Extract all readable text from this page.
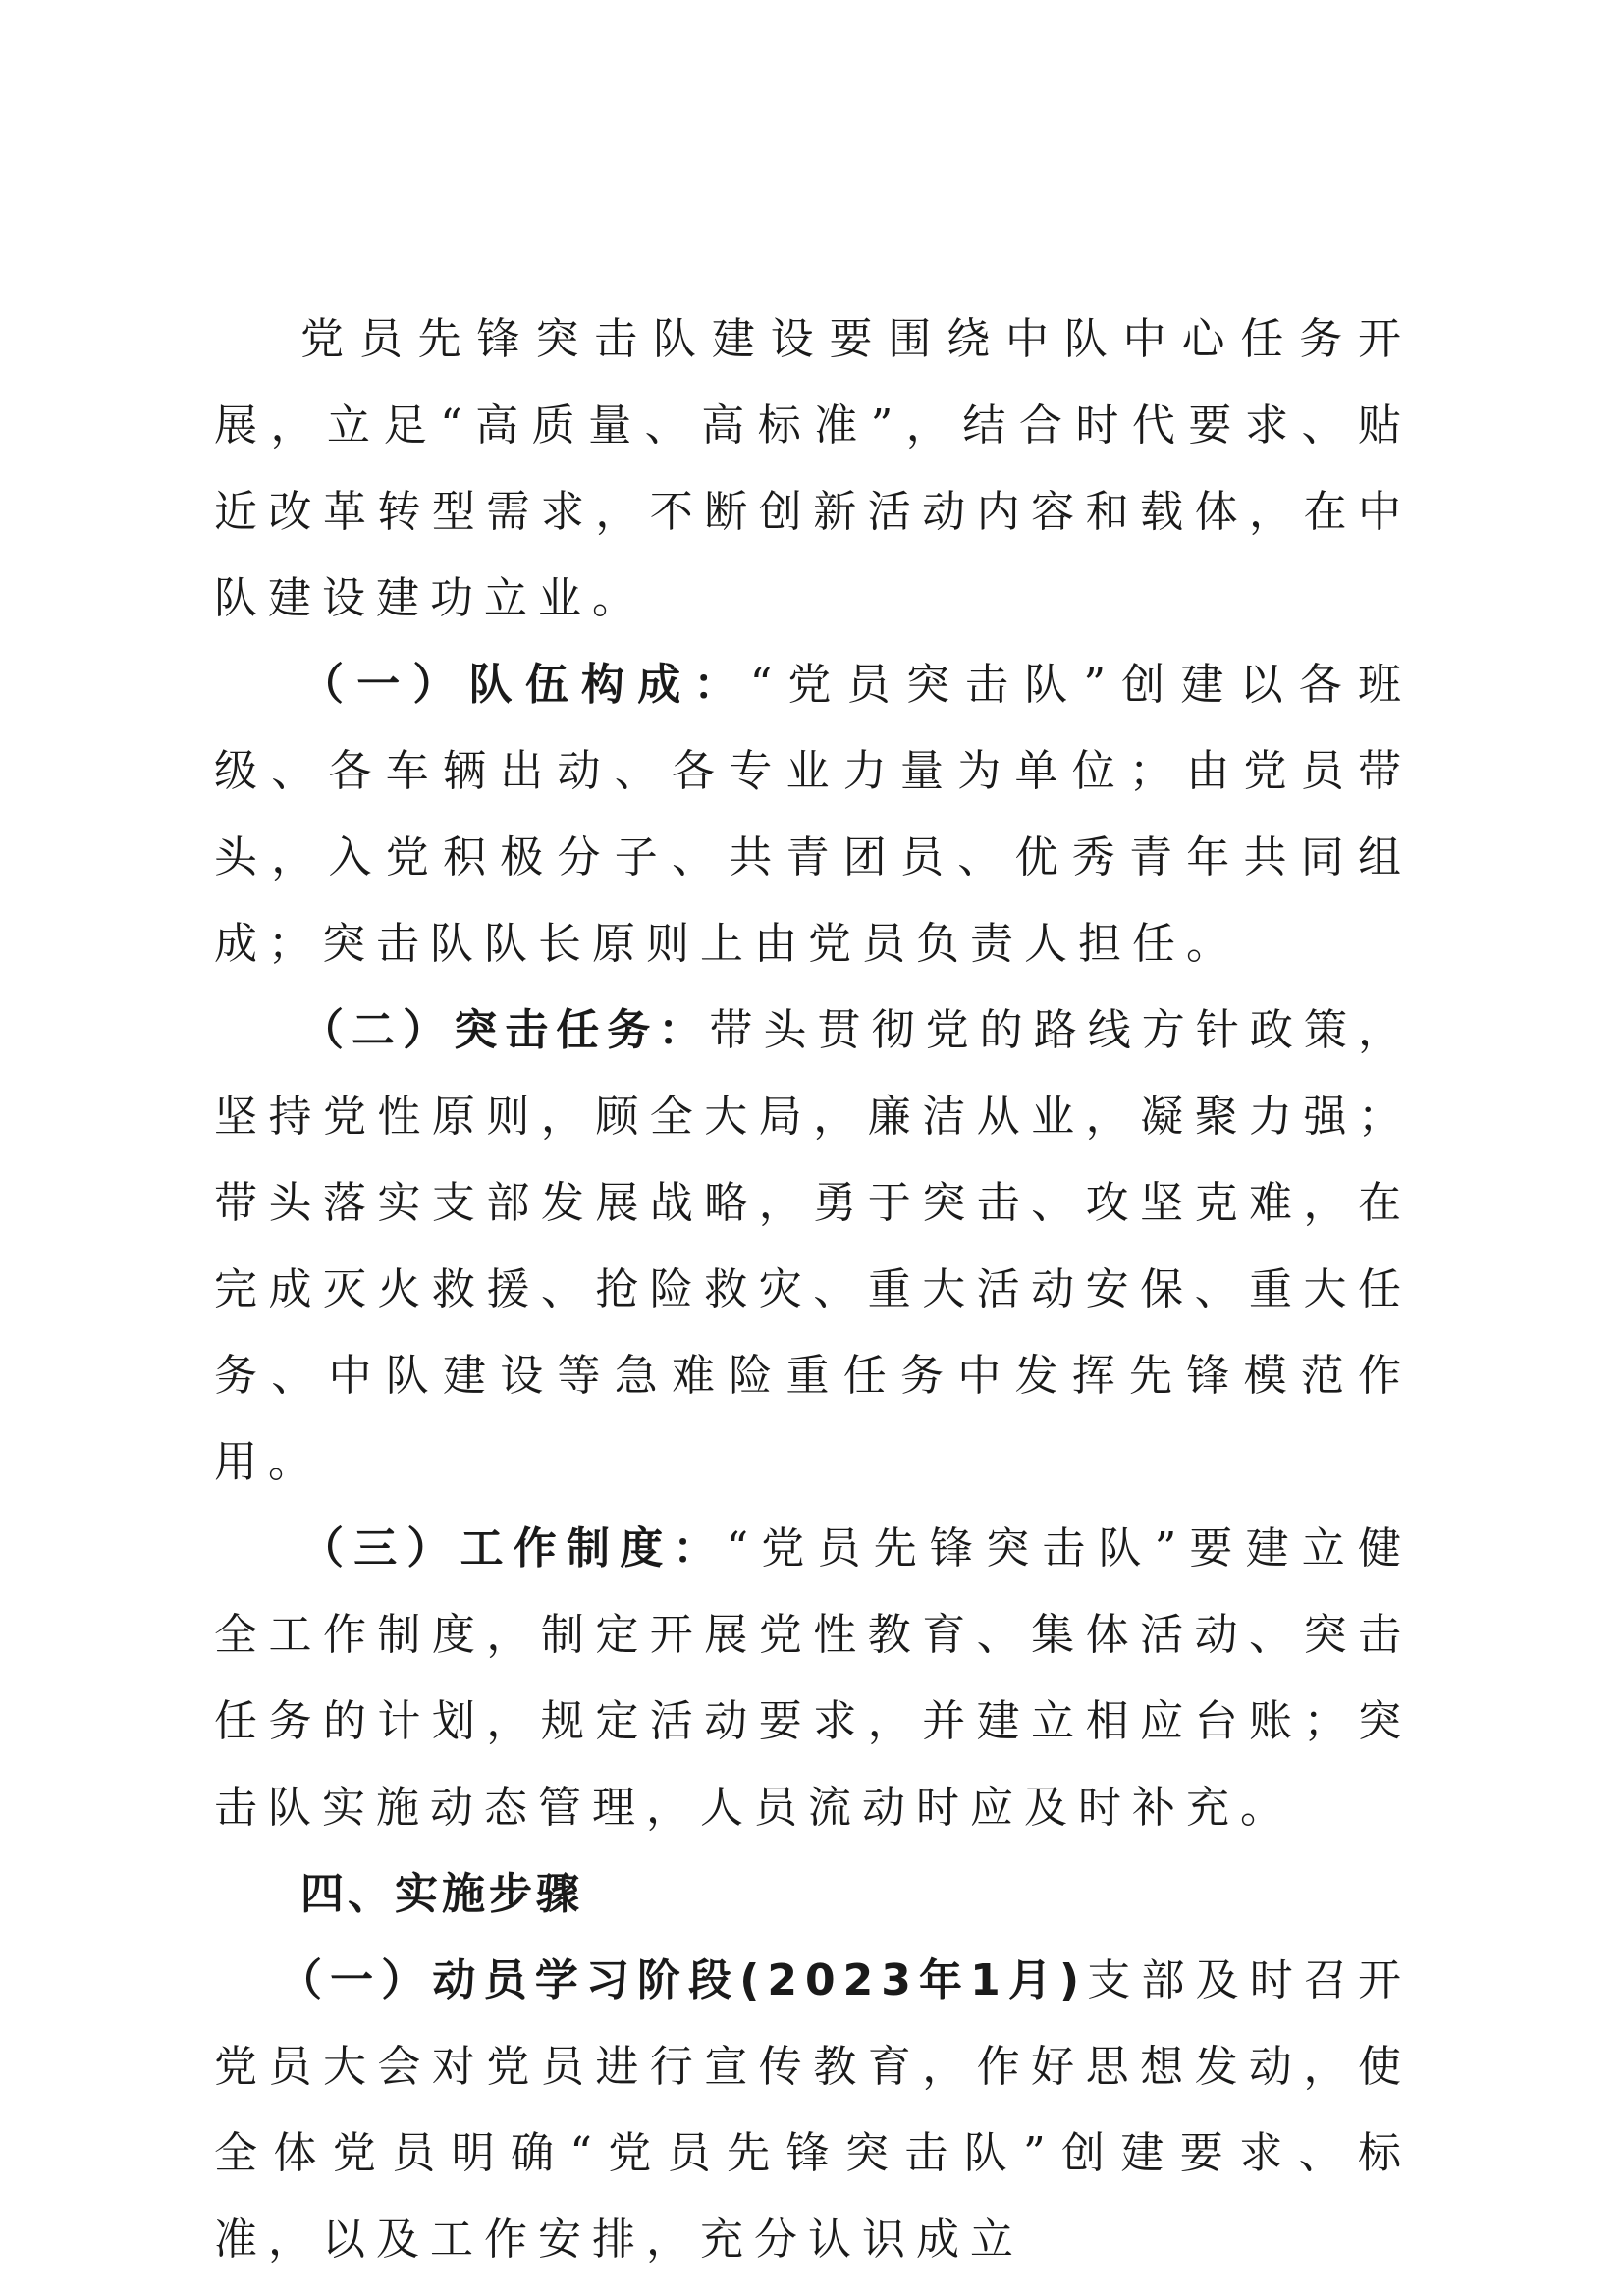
党员先锋突击队建设要围绕中队中心任务开展，立足“高质量、高标准”，结合时代要求、贴近改革转型需求，不断创新活动内容和载体，在中队建设建功立业。

（一）队伍构成：“党员突击队”创建以各班级、各车辆出动、各专业力量为单位；由党员带头，入党积极分子、共青团员、优秀青年共同组成；突击队队长原则上由党员负责人担任。

（二）突击任务：带头贯彻党的路线方针政策，坚持党性原则，顾全大局，廉洁从业，凝聚力强；带头落实支部发展战略，勇于突击、攻坚克难，在完成灭火救援、抢险救灾、重大活动安保、重大任务、中队建设等急难险重任务中发挥先锋模范作用。

（三）工作制度：“党员先锋突击队”要建立健全工作制度，制定开展党性教育、集体活动、突击任务的计划，规定活动要求，并建立相应台账；突击队实施动态管理，人员流动时应及时补充。

四、实施步骤

（一）动员学习阶段(2023年1月)支部及时召开党员大会对党员进行宣传教育，作好思想发动，使全体党员明确“党员先锋突击队”创建要求、标准，以及工作安排，充分认识成立
